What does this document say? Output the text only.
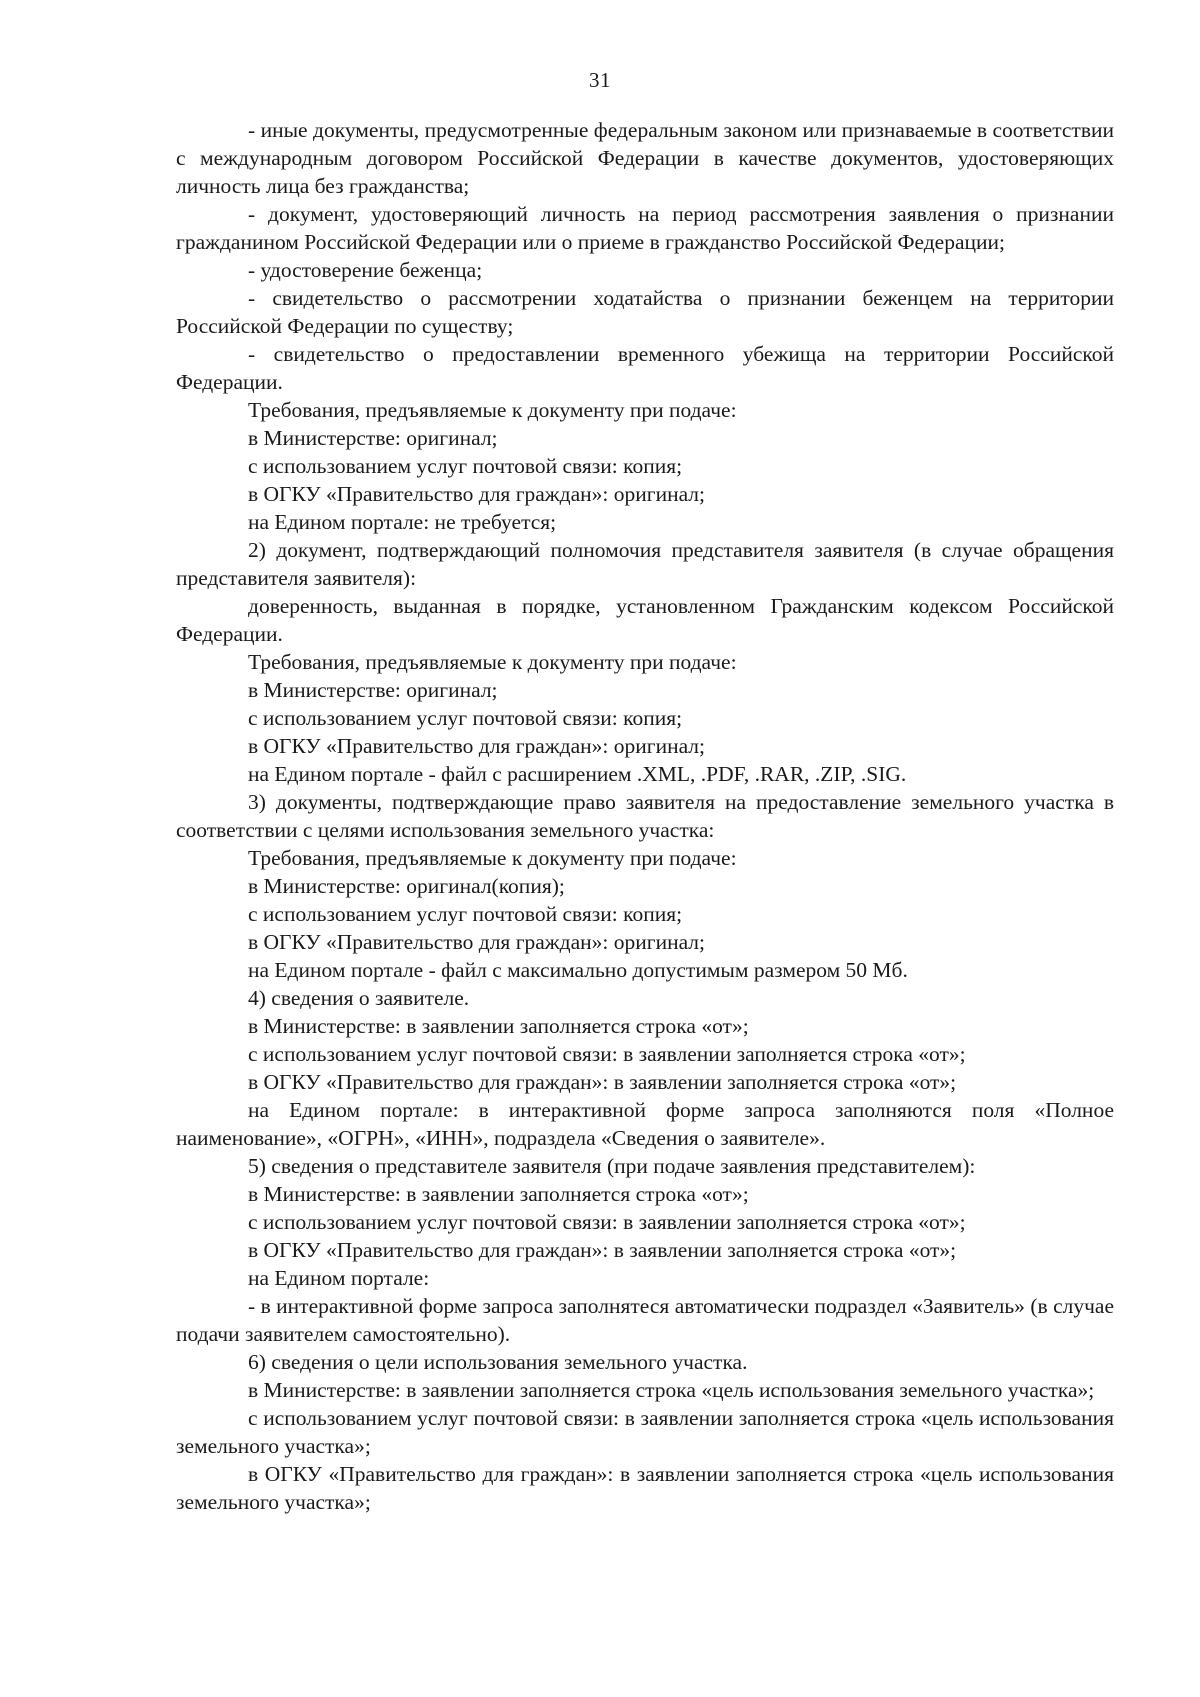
31

- иные документы, предусмотренные федеральным законом или признаваемые в соответствии с международным договором Российской Федерации в качестве документов, удостоверяющих личность лица без гражданства;

- документ, удостоверяющий личность на период рассмотрения заявления о признании гражданином Российской Федерации или о приеме в гражданство Российской Федерации;

- удостоверение беженца;

- свидетельство о рассмотрении ходатайства о признании беженцем на территории Российской Федерации по существу;

- свидетельство о предоставлении временного убежища на территории Российской Федерации.

Требования, предъявляемые к документу при подаче:

в Министерстве: оригинал;

с использованием услуг почтовой связи: копия;

в ОГКУ «Правительство для граждан»: оригинал;

на Едином портале: не требуется;

2) документ, подтверждающий полномочия представителя заявителя (в случае обращения представителя заявителя):

доверенность, выданная в порядке, установленном Гражданским кодексом Российской Федерации.

Требования, предъявляемые к документу при подаче:

в Министерстве: оригинал;

с использованием услуг почтовой связи: копия;

в ОГКУ «Правительство для граждан»: оригинал;

на Едином портале - файл с расширением .XML, .PDF, .RAR, .ZIP, .SIG.

3) документы, подтверждающие право заявителя на предоставление земельного участка в соответствии с целями использования земельного участка:

Требования, предъявляемые к документу при подаче:

в Министерстве: оригинал(копия);

с использованием услуг почтовой связи: копия;

в ОГКУ «Правительство для граждан»: оригинал;

на Едином портале - файл с максимально допустимым размером 50 Мб.

4) сведения о заявителе.

в Министерстве: в заявлении заполняется строка «от»;

с использованием услуг почтовой связи: в заявлении заполняется строка «от»;

в ОГКУ «Правительство для граждан»: в заявлении заполняется строка «от»;

на Едином портале: в интерактивной форме запроса заполняются поля «Полное наименование», «ОГРН», «ИНН», подраздела «Сведения о заявителе».

5) сведения о представителе заявителя (при подаче заявления представителем):

в Министерстве: в заявлении заполняется строка «от»;

с использованием услуг почтовой связи: в заявлении заполняется строка «от»;

в ОГКУ «Правительство для граждан»: в заявлении заполняется строка «от»;

на Едином портале:

- в интерактивной форме запроса заполнятеся автоматически подраздел «Заявитель» (в случае подачи заявителем самостоятельно).

6) сведения о цели использования земельного участка.

в Министерстве: в заявлении заполняется строка «цель использования земельного участка»;

с использованием услуг почтовой связи: в заявлении заполняется строка «цель использования земельного участка»;

в ОГКУ «Правительство для граждан»: в заявлении заполняется строка «цель использования земельного участка»;
